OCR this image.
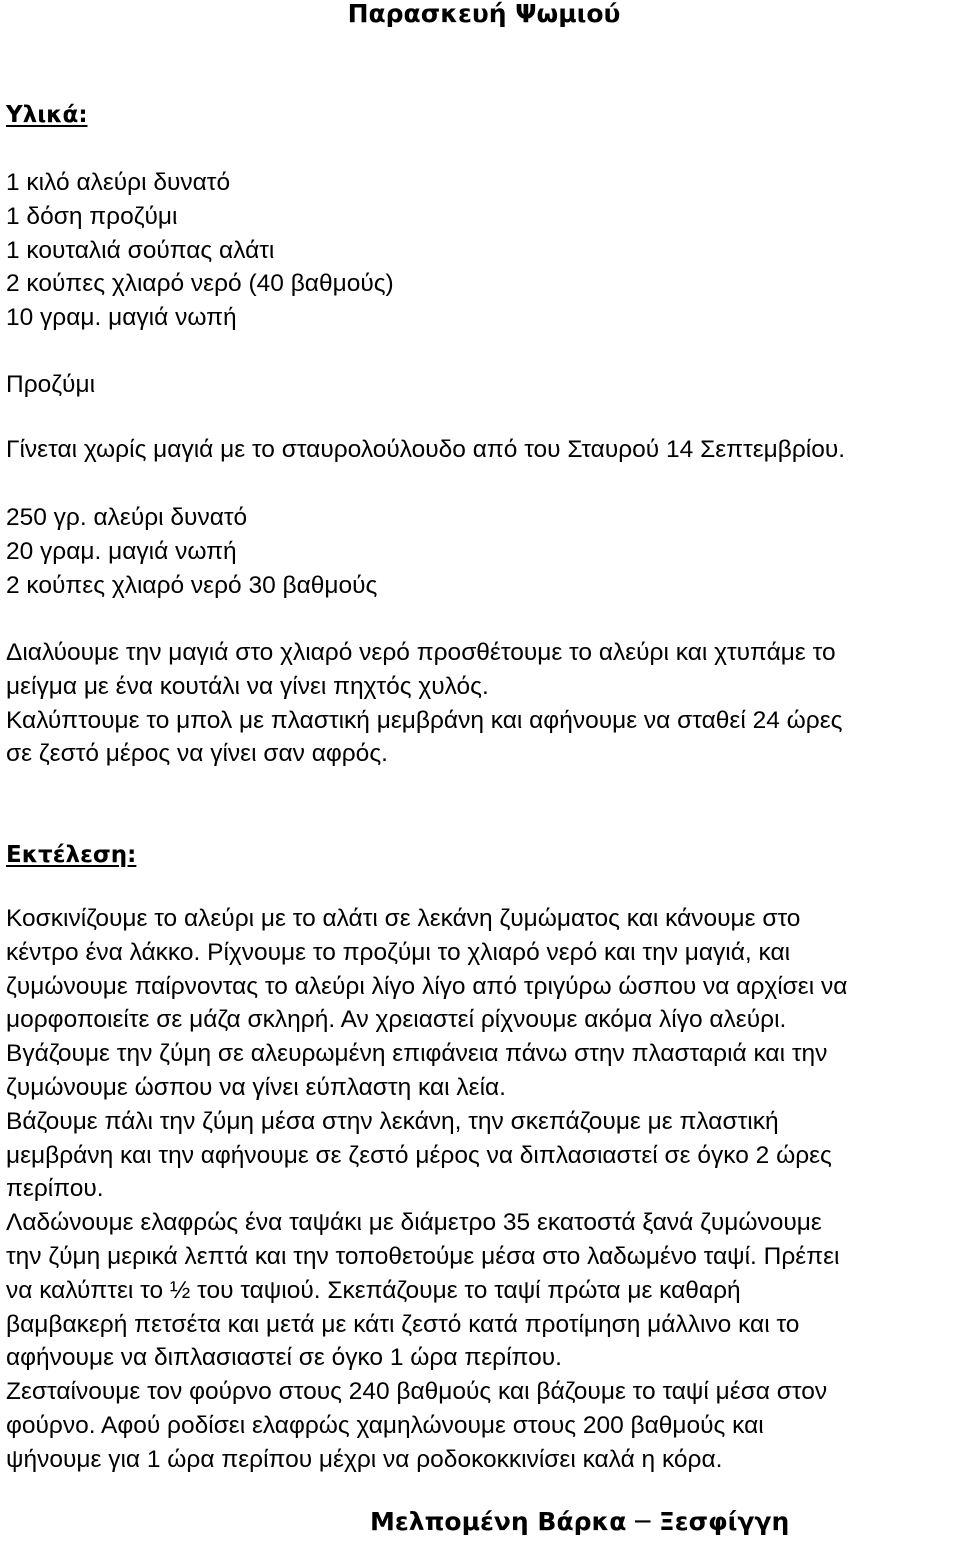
Παρασκευή Ψωμιού
Υλικά:
1 κιλό αλεύρι δυνατό
1 δόση προζύμι
1 κουταλιά σούπας αλάτι
2 κούπες χλιαρό νερό (40 βαθμούς)
10 γραμ. μαγιά νωπή
Προζύμι
Γίνεται χωρίς μαγιά με το σταυρολούλουδο από του Σταυρού 14 Σεπτεμβρίου.
250 γρ. αλεύρι δυνατό
20 γραμ. μαγιά νωπή
2 κούπες χλιαρό νερό 30 βαθμούς
Διαλύουμε την μαγιά στο χλιαρό νερό προσθέτουμε το αλεύρι και χτυπάμε το
μείγμα με ένα κουτάλι να γίνει πηχτός χυλός.
Καλύπτουμε το μπολ με πλαστική μεμβράνη και αφήνουμε να σταθεί 24 ώρες
σε ζεστό μέρος να γίνει σαν αφρός.
Εκτέλεση:
Κοσκινίζουμε το αλεύρι με το αλάτι σε λεκάνη ζυμώματος και κάνουμε στο
κέντρο ένα λάκκο. Ρίχνουμε το προζύμι το χλιαρό νερό και την μαγιά, και
ζυμώνουμε παίρνοντας το αλεύρι λίγο λίγο από τριγύρω ώσπου να αρχίσει να
μορφοποιείτε σε μάζα σκληρή. Αν χρειαστεί ρίχνουμε ακόμα λίγο αλεύρι.
Βγάζουμε την ζύμη σε αλευρωμένη επιφάνεια πάνω στην πλασταριά και την
ζυμώνουμε ώσπου να γίνει εύπλαστη και λεία.
Βάζουμε πάλι την ζύμη μέσα στην λεκάνη, την σκεπάζουμε με πλαστική
μεμβράνη και την αφήνουμε σε ζεστό μέρος να διπλασιαστεί σε όγκο 2 ώρες
περίπου.
Λαδώνουμε ελαφρώς ένα ταψάκι με διάμετρο 35 εκατοστά ξανά ζυμώνουμε
την ζύμη μερικά λεπτά και την τοποθετούμε μέσα στο λαδωμένο ταψί. Πρέπει
να καλύπτει το ½ του ταψιού. Σκεπάζουμε το ταψί πρώτα με καθαρή
βαμβακερή πετσέτα και μετά με κάτι ζεστό κατά προτίμηση μάλλινο και το
αφήνουμε να διπλασιαστεί σε όγκο 1 ώρα περίπου.
Ζεσταίνουμε τον φούρνο στους 240 βαθμούς και βάζουμε το ταψί μέσα στον
φούρνο. Αφού ροδίσει ελαφρώς χαμηλώνουμε στους 200 βαθμούς και
ψήνουμε για 1 ώρα περίπου μέχρι να ροδοκοκκινίσει καλά η κόρα.

Μελπομένη Βάρκα ─ Ξεσφίγγη
